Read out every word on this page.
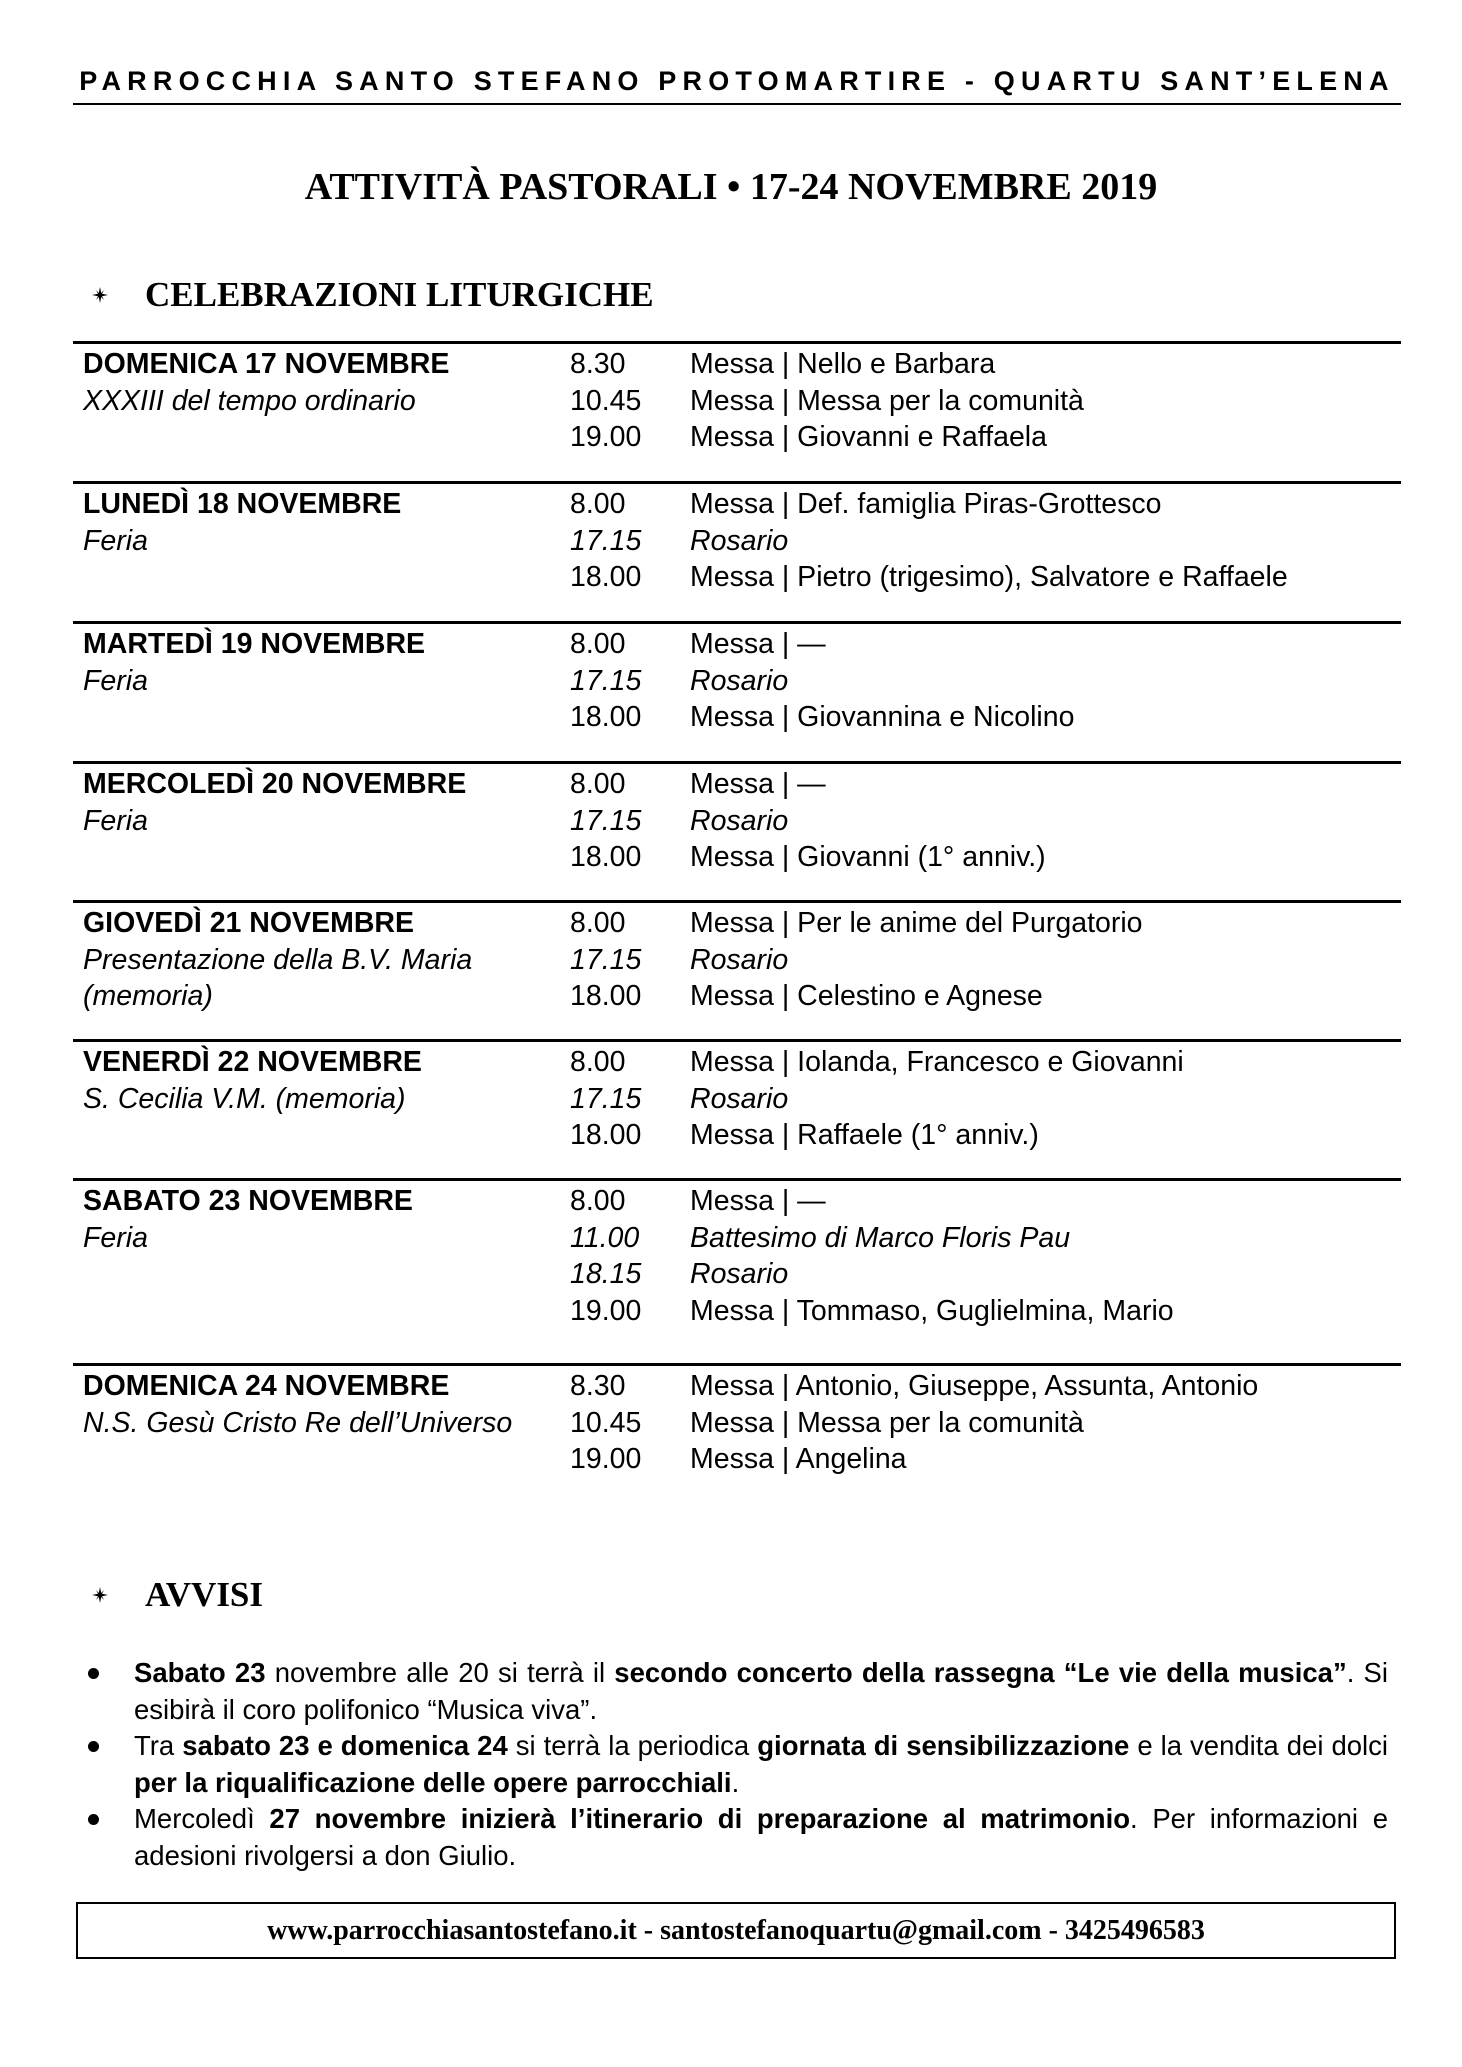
PARROCCHIA SANTO STEFANO PROTOMARTIRE - QUARTU SANT’ELENA
ATTIVITÀ PASTORALI • 17-24 NOVEMBRE 2019
CELEBRAZIONI LITURGICHE
DOMENICA 17 NOVEMBRE
XXXIII del tempo ordinario
8.30 Messa | Nello e Barbara
10.45 Messa | Messa per la comunità
19.00 Messa | Giovanni e Raffaela
LUNEDÌ 18 NOVEMBRE
Feria
8.00 Messa | Def. famiglia Piras-Grottesco
17.15 Rosario
18.00 Messa | Pietro (trigesimo), Salvatore e Raffaele
MARTEDÌ 19 NOVEMBRE
Feria
8.00 Messa | —
17.15 Rosario
18.00 Messa | Giovannina e Nicolino
MERCOLEDÌ 20 NOVEMBRE
Feria
8.00 Messa | —
17.15 Rosario
18.00 Messa | Giovanni (1° anniv.)
GIOVEDÌ 21 NOVEMBRE
Presentazione della B.V. Maria
(memoria)
8.00 Messa | Per le anime del Purgatorio
17.15 Rosario
18.00 Messa | Celestino e Agnese
VENERDÌ 22 NOVEMBRE
S. Cecilia V.M. (memoria)
8.00 Messa | Iolanda, Francesco e Giovanni
17.15 Rosario
18.00 Messa | Raffaele (1° anniv.)
SABATO 23 NOVEMBRE
Feria
8.00 Messa | —
11.00 Battesimo di Marco Floris Pau
18.15 Rosario
19.00 Messa | Tommaso, Guglielmina, Mario
DOMENICA 24 NOVEMBRE
N.S. Gesù Cristo Re dell’Universo
8.30 Messa | Antonio, Giuseppe, Assunta, Antonio
10.45 Messa | Messa per la comunità
19.00 Messa | Angelina
AVVISI
Sabato 23 novembre alle 20 si terrà il secondo concerto della rassegna “Le vie della musica”. Si esibirà il coro polifonico “Musica viva”.
Tra sabato 23 e domenica 24 si terrà la periodica giornata di sensibilizzazione e la vendita dei dolci per la riqualificazione delle opere parrocchiali.
Mercoledì 27 novembre inizierà l’itinerario di preparazione al matrimonio. Per informazioni e adesioni rivolgersi a don Giulio.
www.parrocchiasantostefano.it - santostefanoquartu@gmail.com - 3425496583
